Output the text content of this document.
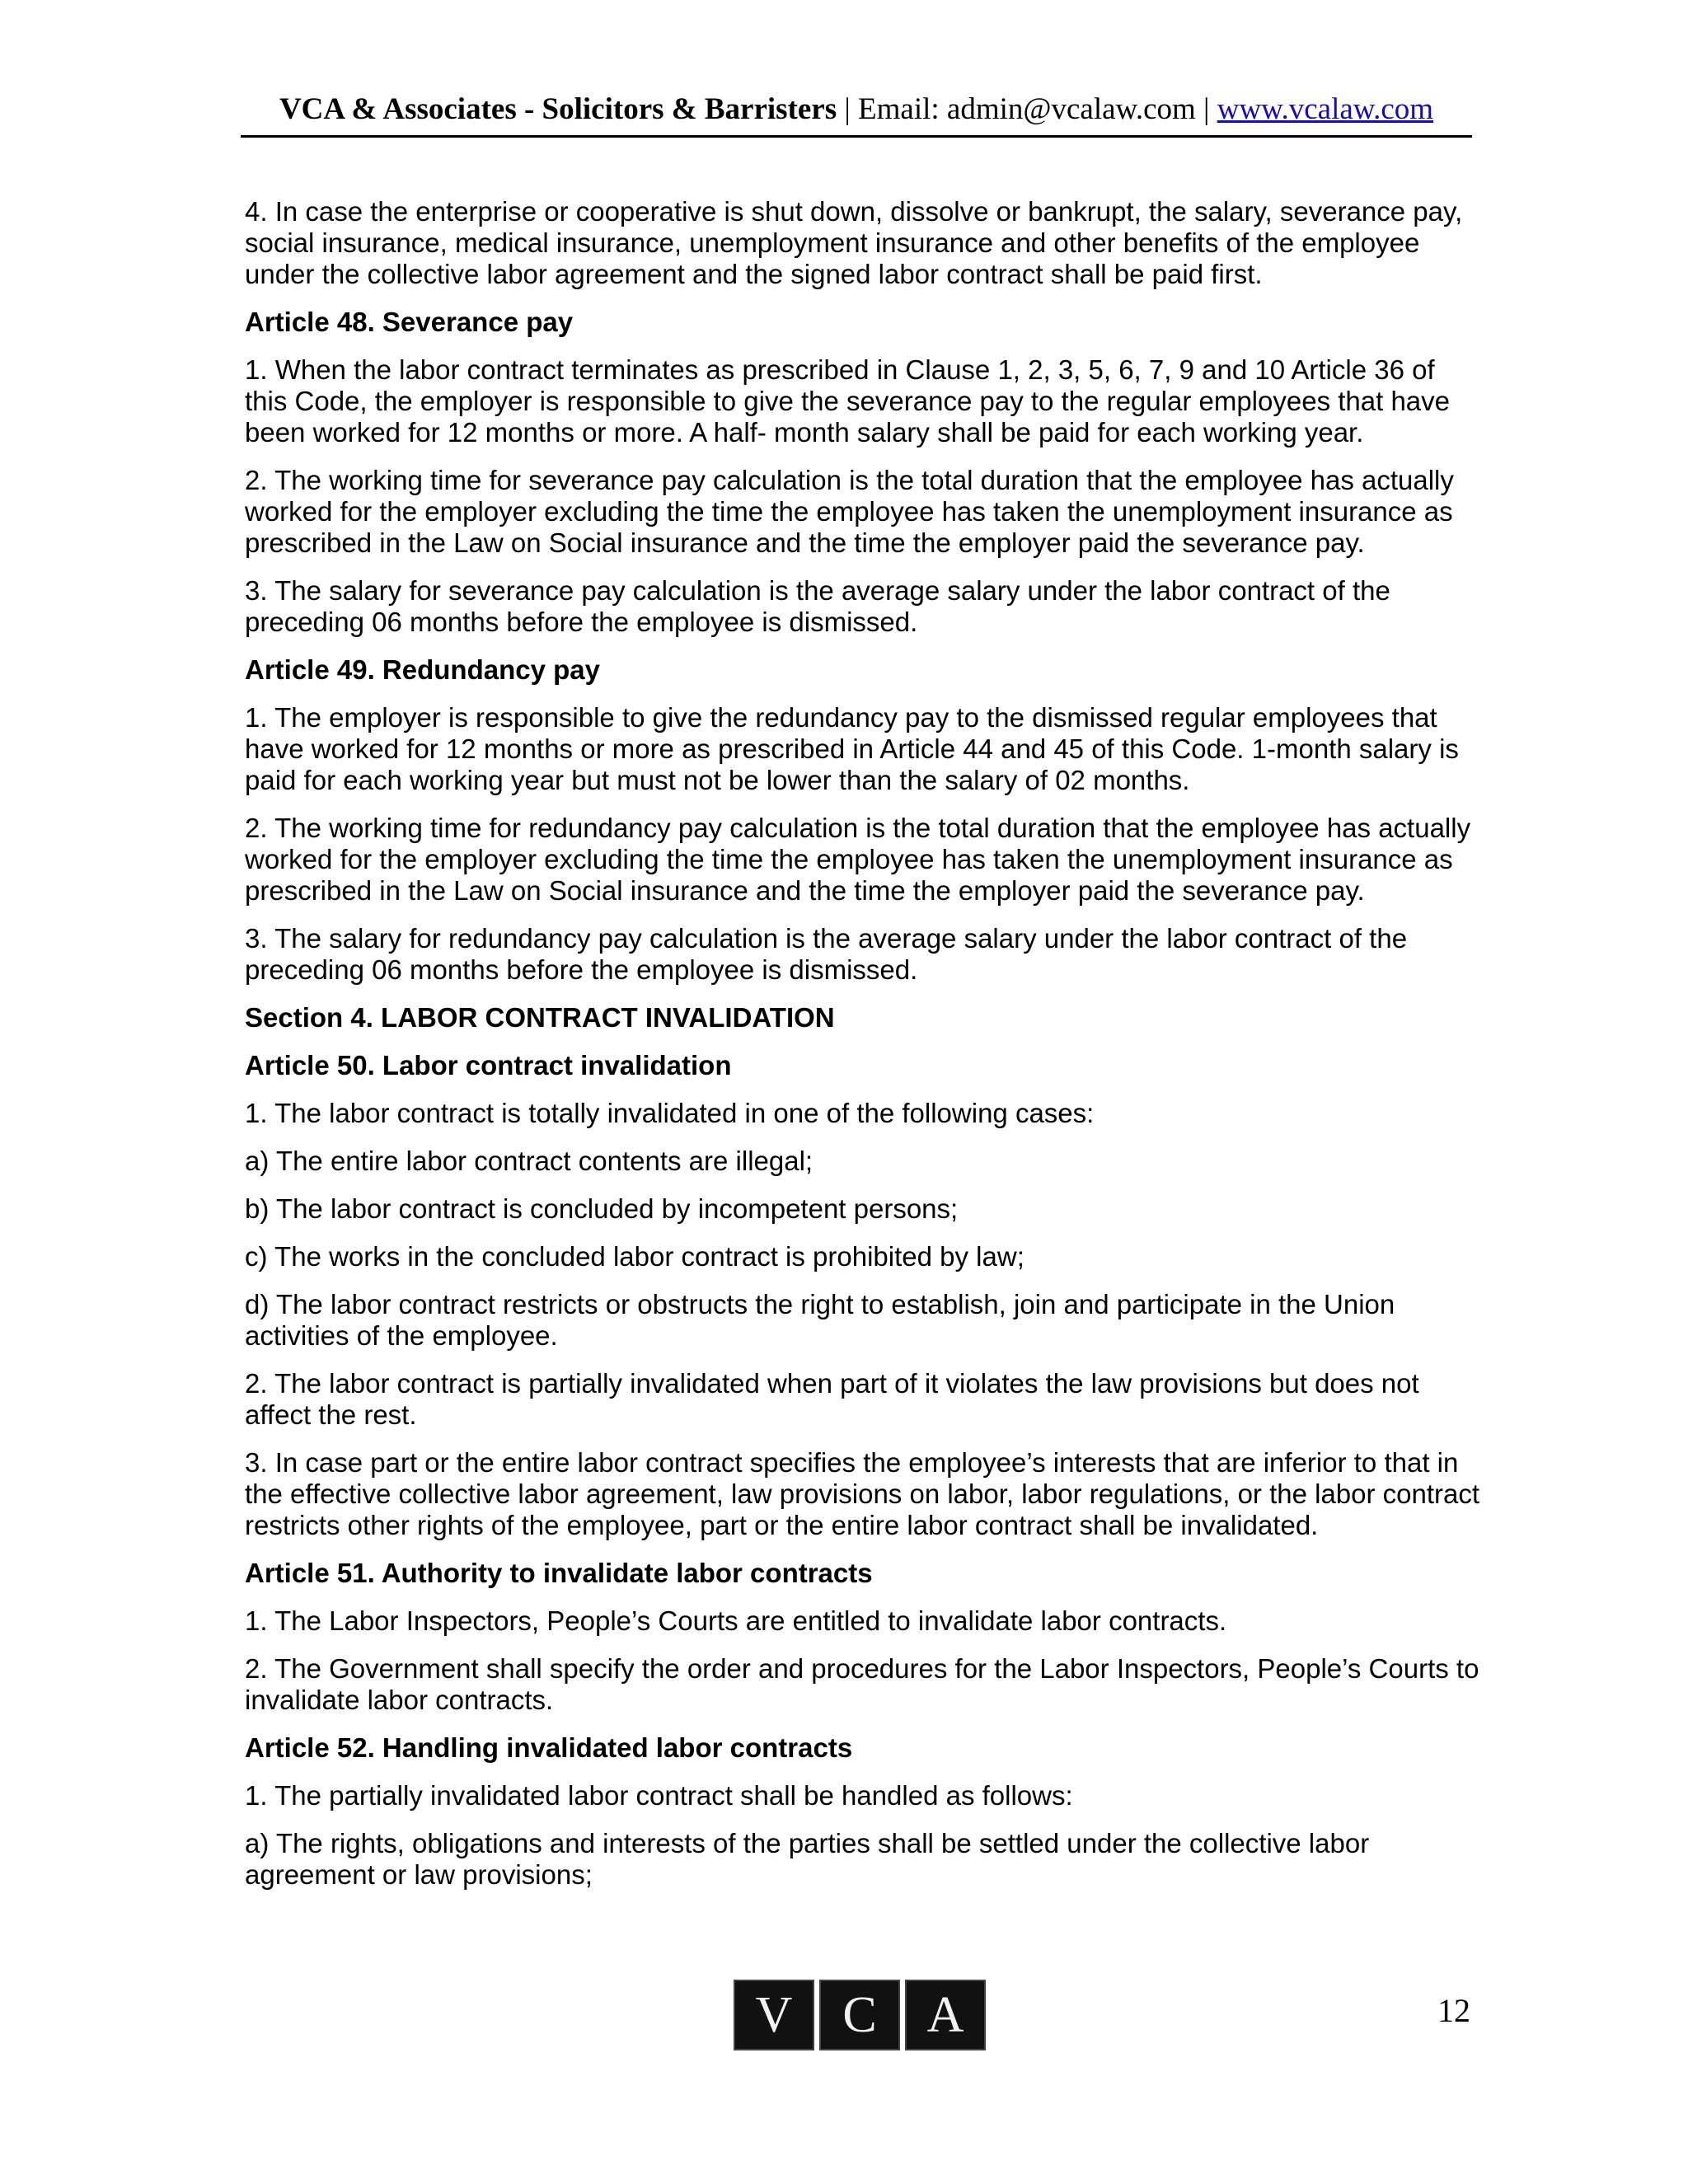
VCA & Associates - Solicitors & Barristers | Email: admin@vcalaw.com | www.vcalaw.com

4. In case the enterprise or cooperative is shut down, dissolve or bankrupt, the salary, severance pay, social insurance, medical insurance, unemployment insurance and other benefits of the employee under the collective labor agreement and the signed labor contract shall be paid first.

Article 48. Severance pay

1. When the labor contract terminates as prescribed in Clause 1, 2, 3, 5, 6, 7, 9 and 10 Article 36 of this Code, the employer is responsible to give the severance pay to the regular employees that have been worked for 12 months or more. A half- month salary shall be paid for each working year.

2. The working time for severance pay calculation is the total duration that the employee has actually worked for the employer excluding the time the employee has taken the unemployment insurance as prescribed in the Law on Social insurance and the time the employer paid the severance pay.

3. The salary for severance pay calculation is the average salary under the labor contract of the preceding 06 months before the employee is dismissed.

Article 49. Redundancy pay

1. The employer is responsible to give the redundancy pay to the dismissed regular employees that have worked for 12 months or more as prescribed in Article 44 and 45 of this Code. 1-month salary is paid for each working year but must not be lower than the salary of 02 months.

2. The working time for redundancy pay calculation is the total duration that the employee has actually worked for the employer excluding the time the employee has taken the unemployment insurance as prescribed in the Law on Social insurance and the time the employer paid the severance pay.

3. The salary for redundancy pay calculation is the average salary under the labor contract of the preceding 06 months before the employee is dismissed.

Section 4. LABOR CONTRACT INVALIDATION

Article 50. Labor contract invalidation

1. The labor contract is totally invalidated in one of the following cases:

a) The entire labor contract contents are illegal;

b) The labor contract is concluded by incompetent persons;

c) The works in the concluded labor contract is prohibited by law;

d) The labor contract restricts or obstructs the right to establish, join and participate in the Union activities of the employee.

2. The labor contract is partially invalidated when part of it violates the law provisions but does not affect the rest.

3. In case part or the entire labor contract specifies the employee’s interests that are inferior to that in the effective collective labor agreement, law provisions on labor, labor regulations, or the labor contract restricts other rights of the employee, part or the entire labor contract shall be invalidated.

Article 51. Authority to invalidate labor contracts

1. The Labor Inspectors, People’s Courts are entitled to invalidate labor contracts.

2. The Government shall specify the order and procedures for the Labor Inspectors, People’s Courts to invalidate labor contracts.

Article 52. Handling invalidated labor contracts

1. The partially invalidated labor contract shall be handled as follows:

a) The rights, obligations and interests of the parties shall be settled under the collective labor agreement or law provisions;

V C A	12
